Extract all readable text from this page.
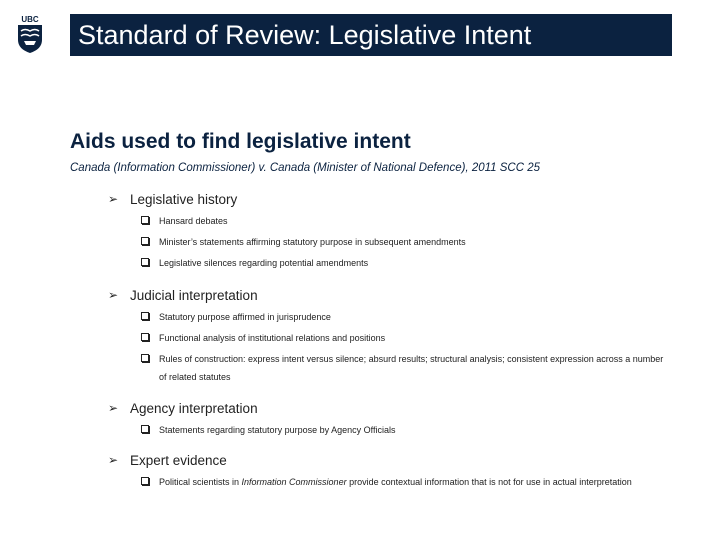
UBC
Standard of Review: Legislative Intent
Aids used to find legislative intent
Canada (Information Commissioner) v. Canada (Minister of National Defence), 2011 SCC 25
➢ Legislative history
Hansard debates
Minister’s statements affirming statutory purpose in subsequent amendments
Legislative silences regarding potential amendments
➢ Judicial interpretation
Statutory purpose affirmed in jurisprudence
Functional analysis of institutional relations and positions
Rules of construction: express intent versus silence; absurd results; structural analysis; consistent expression across a number of related statutes
➢ Agency interpretation
Statements regarding statutory purpose by Agency Officials
➢ Expert evidence
Political scientists in Information Commissioner provide contextual information that is not for use in actual interpretation
